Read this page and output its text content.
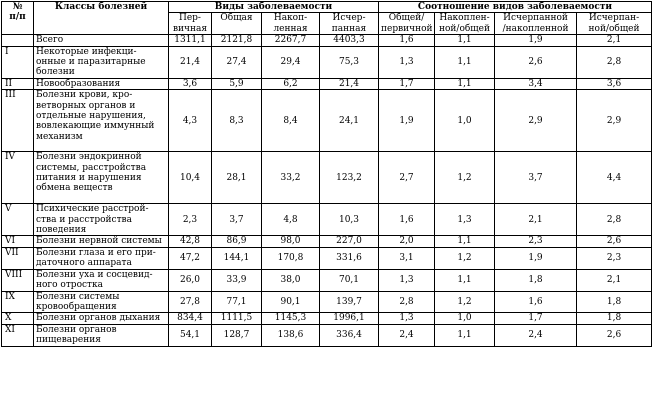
№
п/п	Классы болезней	Виды заболеваемости				Соотношение видов заболеваемости			
		Пер-
вичная	Общая	Накоп-
ленная	Исчер-
панная	Общей/
первичной	Накоплен-
ной/общей	Исчерпанной
/накопленной	Исчерпан-
ной/общей
	Всего	1311,1	2121,8	2267,7	4403,3	1,6	1,1	1,9	2,1
I	Некоторые инфекци-
онные и паразитарные
болезни	21,4	27,4	29,4	75,3	1,3	1,1	2,6	2,8
II	Новообразования	3,6	5,9	6,2	21,4	1,7	1,1	3,4	3,6
III	Болезни крови, кро-
ветворных органов и
отдельные нарушения,
вовлекающие иммунный
механизм	4,3	8,3	8,4	24,1	1,9	1,0	2,9	2,9
IV	Болезни эндокринной
системы, расстройства
питания и нарушения
обмена веществ	10,4	28,1	33,2	123,2	2,7	1,2	3,7	4,4
V	Психические расстрой-
ства и расстройства
поведения	2,3	3,7	4,8	10,3	1,6	1,3	2,1	2,8
VI	Болезни нервной системы	42,8	86,9	98,0	227,0	2,0	1,1	2,3	2,6
VII	Болезни глаза и его при-
даточного аппарата	47,2	144,1	170,8	331,6	3,1	1,2	1,9	2,3
VIII	Болезни уха и сосцевид-
ного отростка	26,0	33,9	38,0	70,1	1,3	1,1	1,8	2,1
IX	Болезни системы
кровообращения	27,8	77,1	90,1	139,7	2,8	1,2	1,6	1,8
X	Болезни органов дыхания	834,4	1111,5	1145,3	1996,1	1,3	1,0	1,7	1,8
XI	Болезни органов
пищеварения	54,1	128,7	138,6	336,4	2,4	1,1	2,4	2,6
